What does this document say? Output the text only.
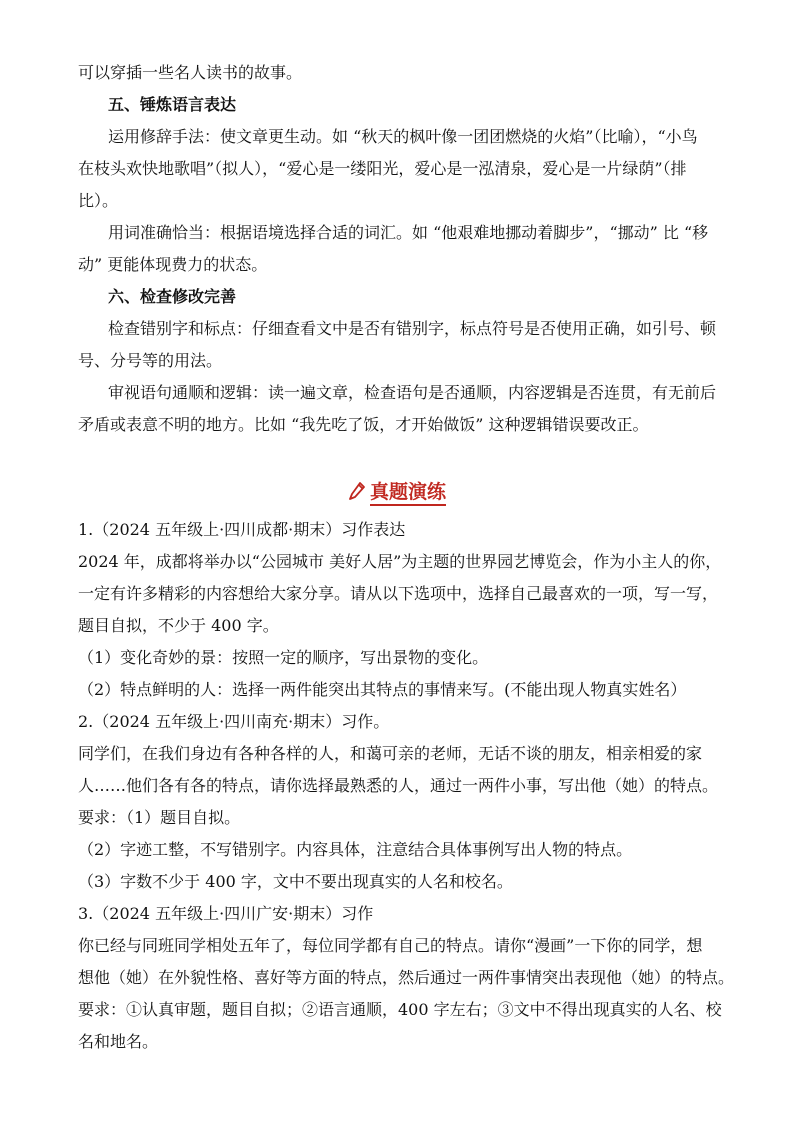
真题演练
可以穿插一些名人读书的故事。
五、锤炼语言表达
运用修辞手法：使文章更生动。如 “秋天的枫叶像一团团燃烧的火焰”（比喻），“小鸟
在枝头欢快地歌唱”（拟人），“爱心是一缕阳光，爱心是一泓清泉，爱心是一片绿荫”（排
比）。
用词准确恰当：根据语境选择合适的词汇。如 “他艰难地挪动着脚步”，“挪动” 比 “移
动” 更能体现费力的状态。
六、检查修改完善
检查错别字和标点：仔细查看文中是否有错别字，标点符号是否使用正确，如引号、顿
号、分号等的用法。
审视语句通顺和逻辑：读一遍文章，检查语句是否通顺，内容逻辑是否连贯，有无前后
矛盾或表意不明的地方。比如 “我先吃了饭，才开始做饭” 这种逻辑错误要改正。
1.（2024 五年级上·四川成都·期末）习作表达
2024 年，成都将举办以“公园城市 美好人居”为主题的世界园艺博览会，作为小主人的你，
一定有许多精彩的内容想给大家分享。请从以下选项中，选择自己最喜欢的一项，写一写，
题目自拟，不少于 400 字。
（1）变化奇妙的景：按照一定的顺序，写出景物的变化。
（2）特点鲜明的人：选择一两件能突出其特点的事情来写。(不能出现人物真实姓名）
2.（2024 五年级上·四川南充·期末）习作。
同学们，在我们身边有各种各样的人，和蔼可亲的老师，无话不谈的朋友，相亲相爱的家
人……他们各有各的特点，请你选择最熟悉的人，通过一两件小事，写出他（她）的特点。
要求：（1）题目自拟。
（2）字迹工整，不写错别字。内容具体，注意结合具体事例写出人物的特点。
（3）字数不少于 400 字，文中不要出现真实的人名和校名。
3.（2024 五年级上·四川广安·期末）习作
你已经与同班同学相处五年了，每位同学都有自己的特点。请你“漫画”一下你的同学，想
想他（她）在外貌性格、喜好等方面的特点，然后通过一两件事情突出表现他（她）的特点。
要求：①认真审题，题目自拟；②语言通顺，400 字左右；③文中不得出现真实的人名、校
名和地名。
